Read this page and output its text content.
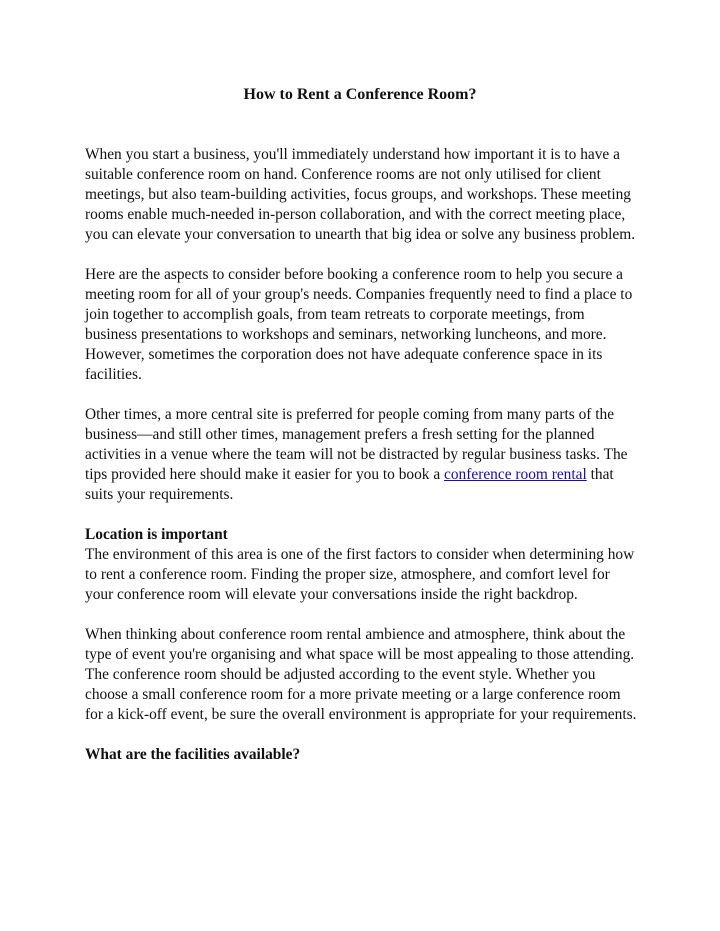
How to Rent a Conference Room?

When you start a business, you'll immediately understand how important it is to have a suitable conference room on hand. Conference rooms are not only utilised for client meetings, but also team-building activities, focus groups, and workshops. These meeting rooms enable much-needed in-person collaboration, and with the correct meeting place, you can elevate your conversation to unearth that big idea or solve any business problem.

Here are the aspects to consider before booking a conference room to help you secure a meeting room for all of your group's needs. Companies frequently need to find a place to join together to accomplish goals, from team retreats to corporate meetings, from business presentations to workshops and seminars, networking luncheons, and more. However, sometimes the corporation does not have adequate conference space in its facilities.

Other times, a more central site is preferred for people coming from many parts of the business—and still other times, management prefers a fresh setting for the planned activities in a venue where the team will not be distracted by regular business tasks. The tips provided here should make it easier for you to book a conference room rental that suits your requirements.

Location is important
The environment of this area is one of the first factors to consider when determining how to rent a conference room. Finding the proper size, atmosphere, and comfort level for your conference room will elevate your conversations inside the right backdrop.

When thinking about conference room rental ambience and atmosphere, think about the type of event you're organising and what space will be most appealing to those attending. The conference room should be adjusted according to the event style. Whether you choose a small conference room for a more private meeting or a large conference room for a kick-off event, be sure the overall environment is appropriate for your requirements.

What are the facilities available?
